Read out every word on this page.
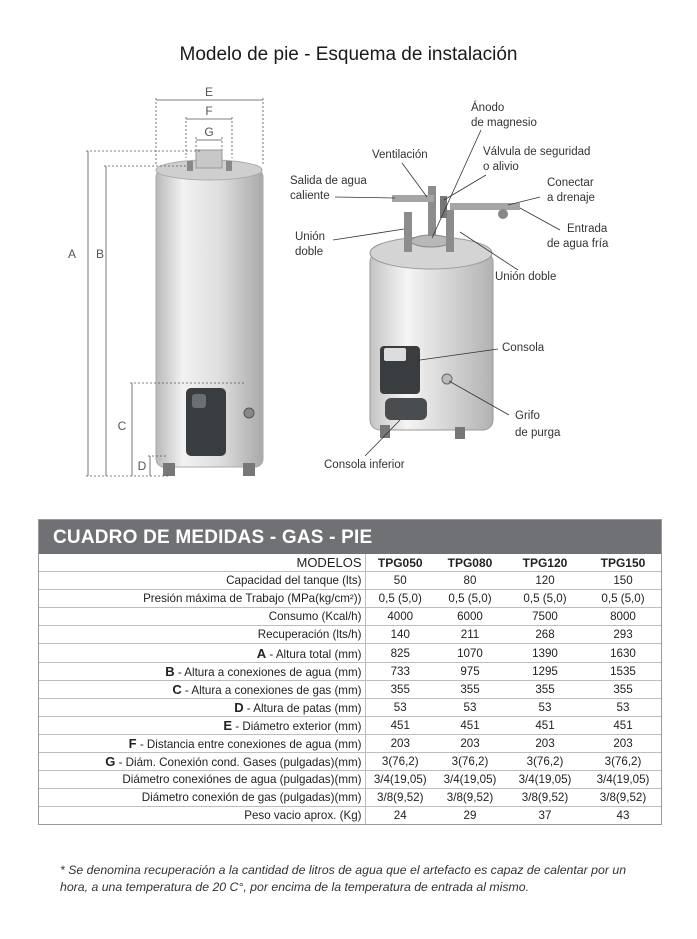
Modelo de pie - Esquema de instalación
E
F
G
A B
C
D
Ánodo
de magnesio
Ventilación	Válvula de seguridad
o alivio
Salida de agua
caliente
Conectar
a drenaje
Entrada
de agua fría
Unión
doble
Unión doble
Consola
Grifo
de purga
Consola inferior
CUADRO DE MEDIDAS - GAS - PIE
MODELOS	TPG050	TPG080	TPG120	TPG150
Capacidad del tanque (lts)	50	80	120	150
Presión máxima de Trabajo (MPa(kg/cm²))	0,5 (5,0)	0,5 (5,0)	0,5 (5,0)	0,5 (5,0)
Consumo (Kcal/h)	4000	6000	7500	8000
Recuperación (lts/h)	140	211	268	293
A - Altura total (mm)	825	1070	1390	1630
B - Altura a conexiones de agua (mm)	733	975	1295	1535
C - Altura a conexiones de gas (mm)	355	355	355	355
D - Altura de patas (mm)	53	53	53	53
E - Diámetro exterior (mm)	451	451	451	451
F - Distancia entre conexiones de agua (mm)	203	203	203	203
G - Diám. Conexión cond. Gases (pulgadas)(mm)	3(76,2)	3(76,2)	3(76,2)	3(76,2)
Diámetro conexiónes de agua (pulgadas)(mm)	3/4(19,05)	3/4(19,05)	3/4(19,05)	3/4(19,05)
Diámetro conexión de gas (pulgadas)(mm)	3/8(9,52)	3/8(9,52)	3/8(9,52)	3/8(9,52)
Peso vacio aprox. (Kg)	24	29	37	43
* Se denomina recuperación a la cantidad de litros de agua que el artefacto es capaz de calentar por un hora, a una temperatura de 20 C°, por encima de la temperatura de entrada al mismo.
